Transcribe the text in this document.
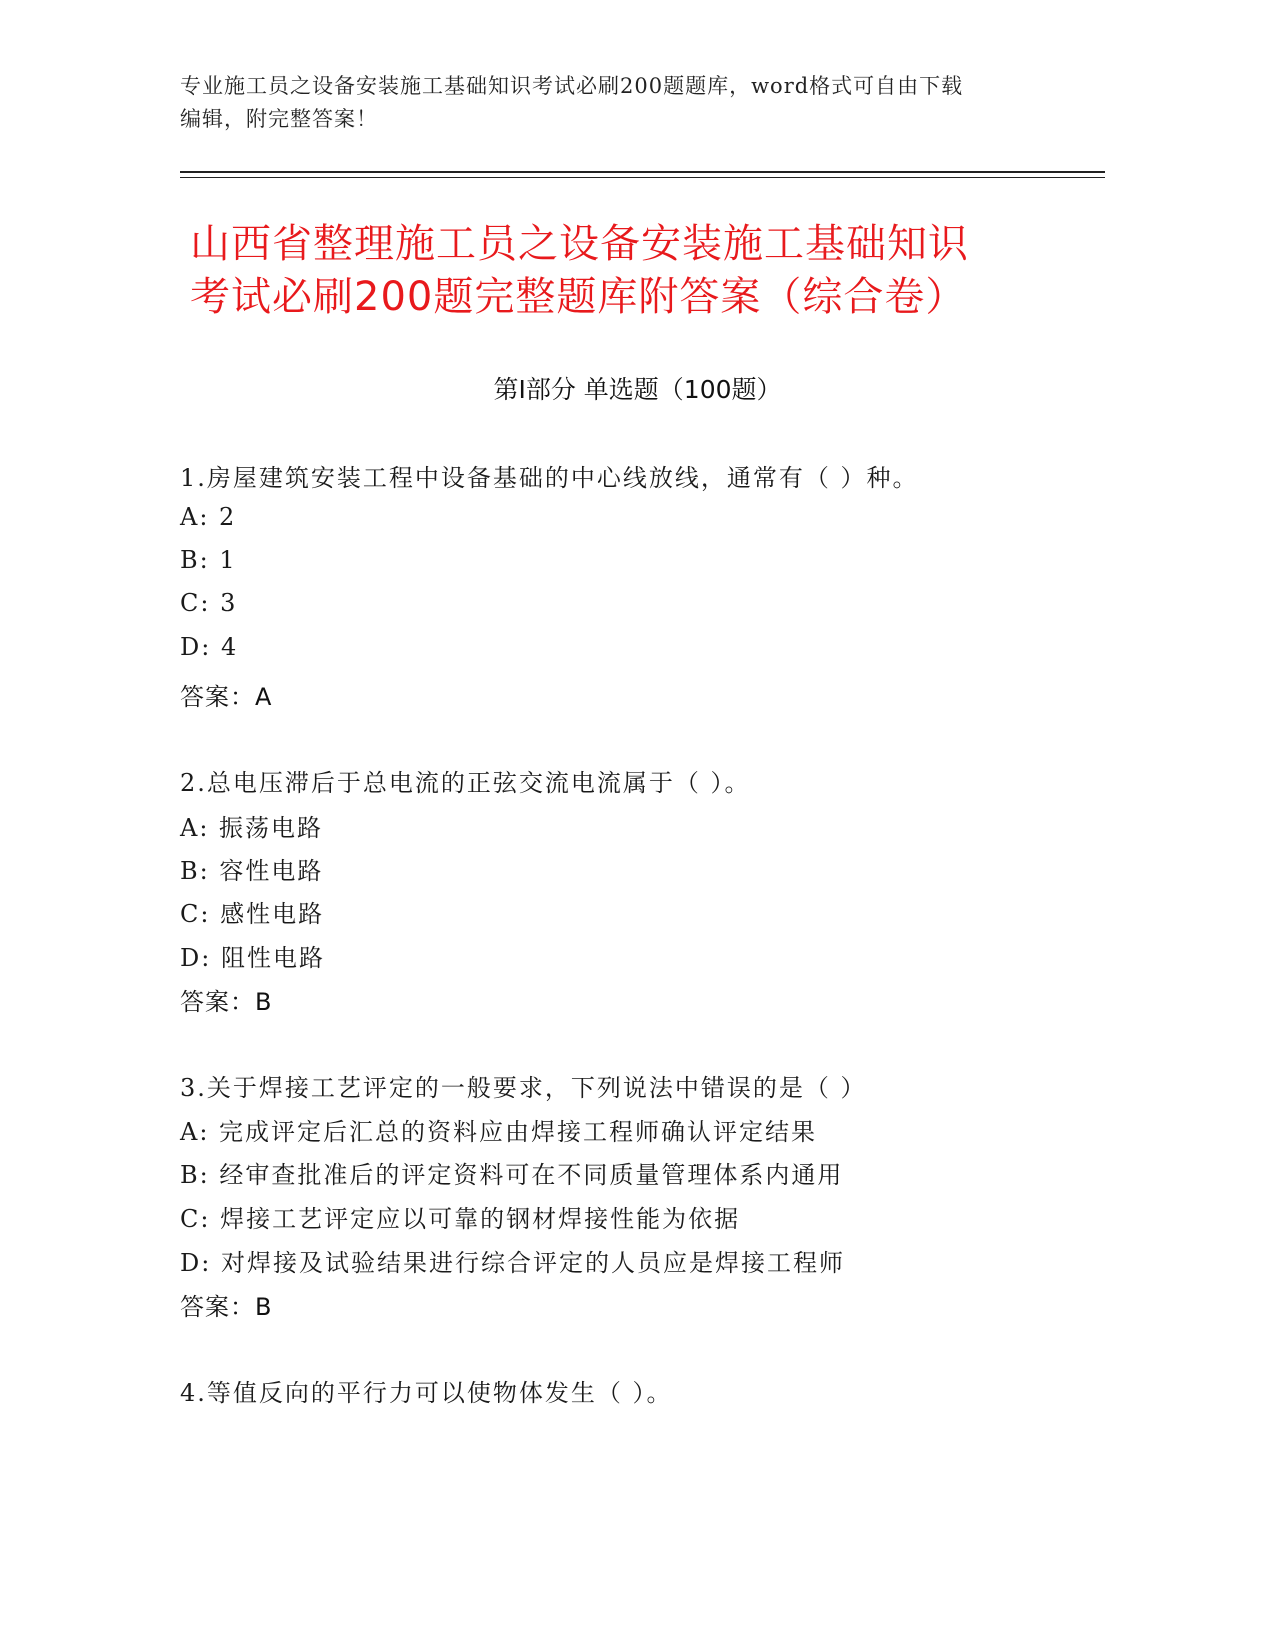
专业施工员之设备安装施工基础知识考试必刷200题题库，word格式可自由下载
编辑，附完整答案！
山西省整理施工员之设备安装施工基础知识
考试必刷200题完整题库附答案（综合卷）
第Ⅰ部分 单选题（100题）
1.房屋建筑安装工程中设备基础的中心线放线，通常有（ ）种。
A: 2
B: 1
C: 3
D: 4
答案：A
2.总电压滞后于总电流的正弦交流电流属于（ ）。
A: 振荡电路
B: 容性电路
C: 感性电路
D: 阻性电路
答案：B
3.关于焊接工艺评定的一般要求，下列说法中错误的是（ ）
A: 完成评定后汇总的资料应由焊接工程师确认评定结果
B: 经审查批准后的评定资料可在不同质量管理体系内通用
C: 焊接工艺评定应以可靠的钢材焊接性能为依据
D: 对焊接及试验结果进行综合评定的人员应是焊接工程师
答案：B
4.等值反向的平行力可以使物体发生（ ）。
